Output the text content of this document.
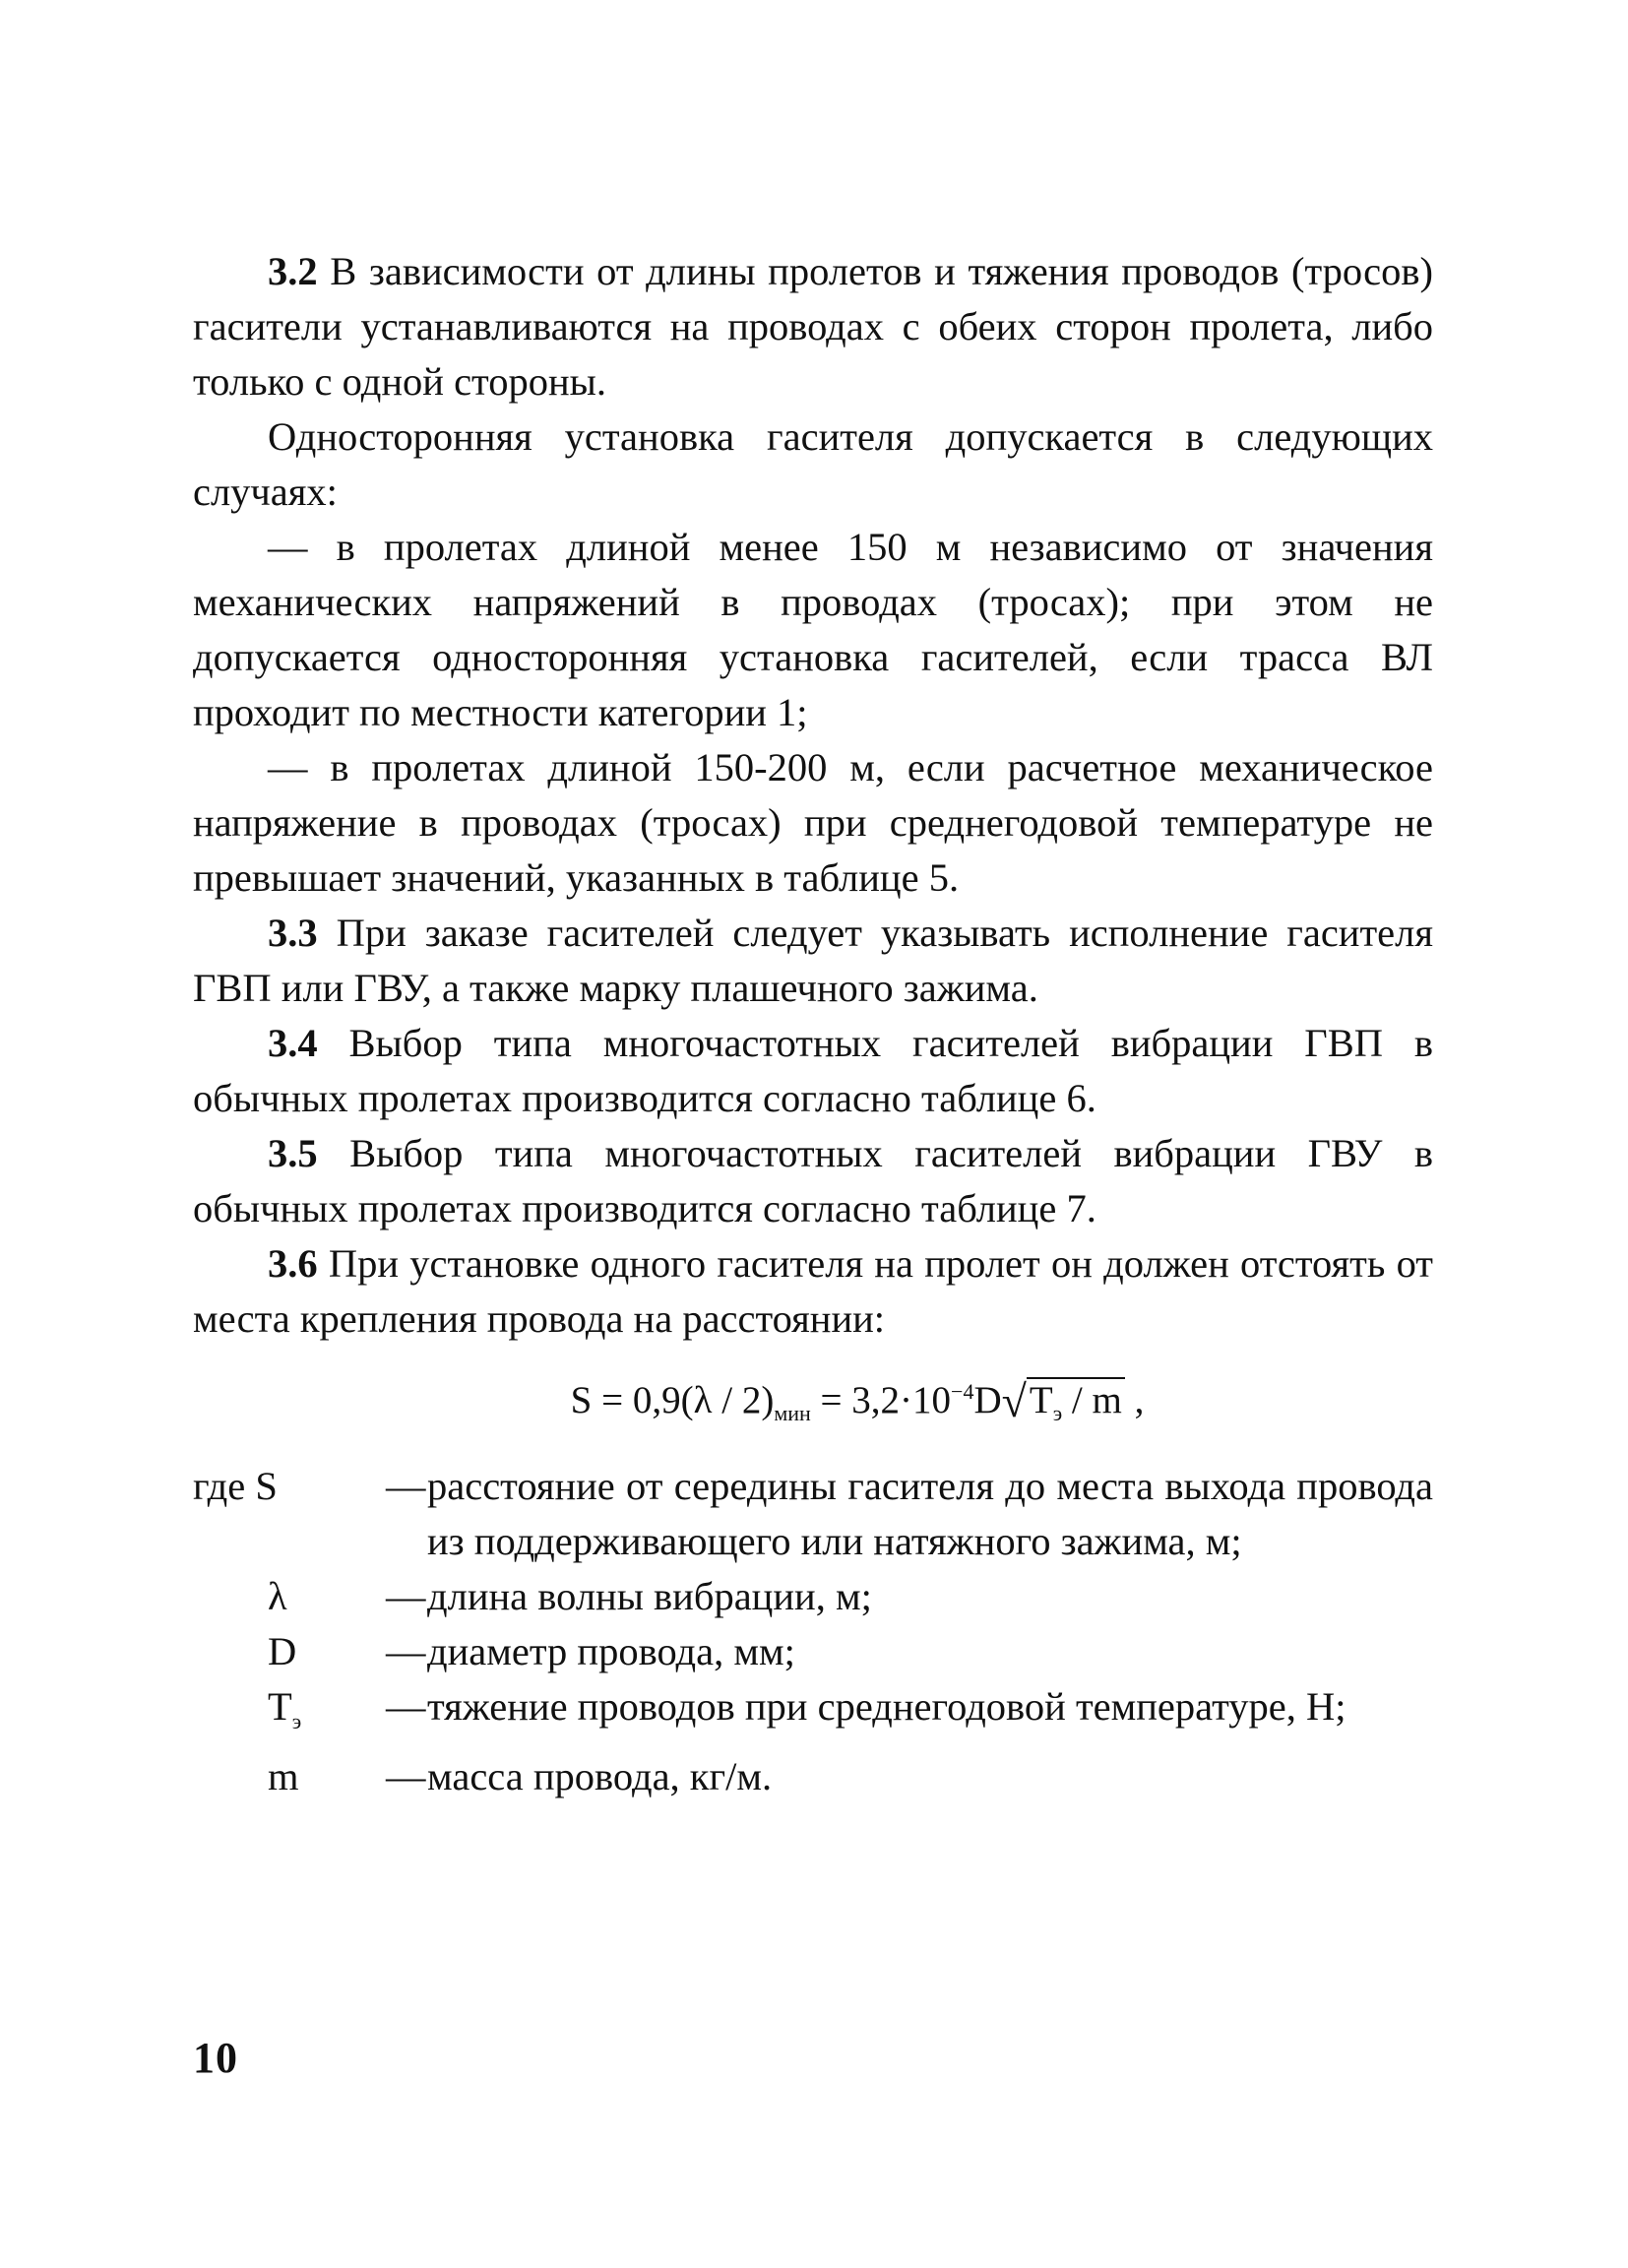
3.2 В зависимости от длины пролетов и тяжения проводов (тросов) гасители устанавливаются на проводах с обеих сторон пролета, либо только с одной стороны.

Односторонняя установка гасителя допускается в следующих случаях:

— в пролетах длиной менее 150 м независимо от значения механических напряжений в проводах (тросах); при этом не допускается односторонняя установка гасителей, если трасса ВЛ проходит по местности категории 1;

— в пролетах длиной 150-200 м, если расчетное механическое напряжение в проводах (тросах) при среднегодовой температуре не превышает значений, указанных в таблице 5.

3.3 При заказе гасителей следует указывать исполнение гасителя ГВП или ГВУ, а также марку плашечного зажима.

3.4 Выбор типа многочастотных гасителей вибрации ГВП в обычных пролетах производится согласно таблице 6.

3.5 Выбор типа многочастотных гасителей вибрации ГВУ в обычных пролетах производится согласно таблице 7.

3.6 При установке одного гасителя на пролет он должен отстоять от места крепления провода на расстоянии:

$S = 0,9(\lambda / 2)_{мин} = 3,2\cdot 10^{-4}D√T_э / m$ ,
где S	— расстояние от середины гасителя до места выхода провода из поддерживающего или натяжного зажима, м;
λ	— длина волны вибрации, м;
D	— диаметр провода, мм;
$T_э$	— тяжение проводов при среднегодовой температуре, Н;
m	— масса провода, кг/м.
10
